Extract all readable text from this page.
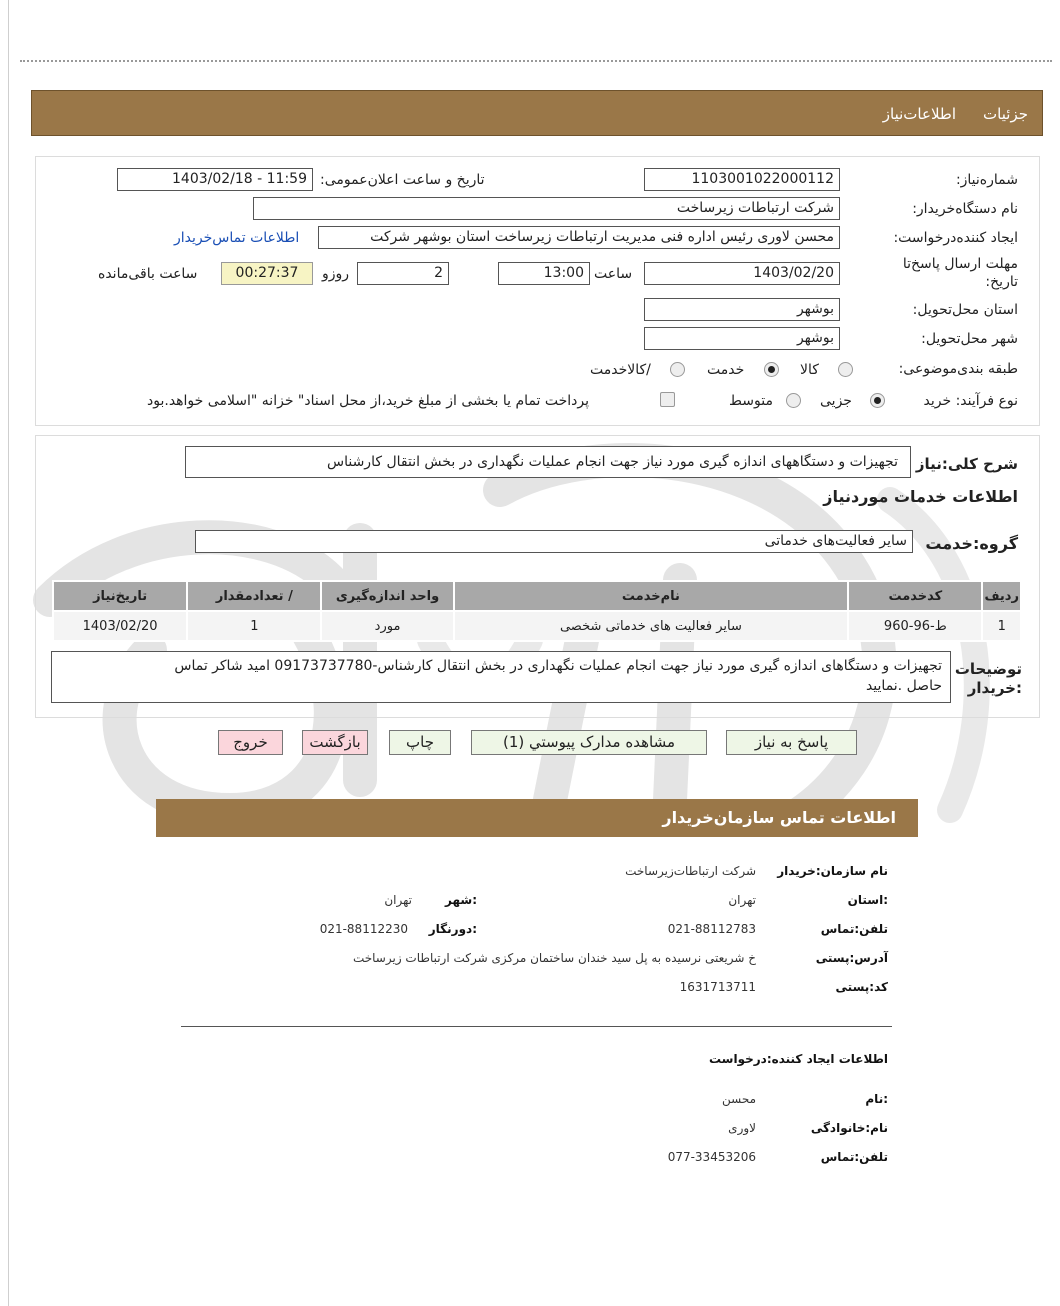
جزئیات
اطلاعات‌نیاز
شماره‌نیاز:
1103001022000112
تاریخ و ساعت اعلان‌عمومی:
1403/02/18 - 11:59
نام دستگاه‌خریدار:
شرکت ارتباطات زیرساخت
ایجاد کننده‌درخواست:
محسن لاوری رئیس اداره فنی مدیریت ارتباطات زیرساخت استان بوشهر شرکت
اطلاعات تماس‌خریدار
مهلت ارسال پاسخ‌تا
تاریخ:
1403/02/20
ساعت
13:00
2
روزو
00:27:37
ساعت باقی‌مانده
استان محل‌تحویل:
بوشهر
شهر محل‌تحویل:
بوشهر
طبقه بندی‌موضوعی:
کالا
خدمت
/کالاخدمت
نوع فرآیند: خرید
جزیی
متوسط
پرداخت تمام یا بخشی از مبلغ خرید،از محل اسناد" خزانه "اسلامی خواهد.بود
شرح کلی:نیاز
تجهیزات و دستگاههای اندازه گیری مورد نیاز جهت انجام عملیات نگهداری در بخش انتقال کارشناس
اطلاعات خدمات موردنیاز
گروه:خدمت
سایر فعالیت‌های خدماتی
ردیف	کدخدمت	نام‌خدمت	واحد اندازه‌گیری	/ تعدادمقدار	تاریخ‌نیاز
1	ط-96-960	سایر فعالیت های خدماتی شخصی	مورد	1	1403/02/20
توضیحات
:خریدار
تجهیزات و دستگاهای اندازه گیری مورد نیاز جهت انجام عملیات نگهداری در بخش انتقال کارشناس-09173737780 امید شاکر تماس
حاصل .نمایید
پاسخ به نیاز
مشاهده مدارک پیوستي (1)
چاپ
بازگشت
خروج
اطلاعات تماس سازمان‌خریدار
نام سازمان:خریدار
شرکت ارتباطات‌زیرساخت
:استان
تهران
:شهر
تهران
تلفن:تماس
021-88112783
:دورنگار
021-88112230
آدرس:پستی
خ شریعتی نرسیده به پل سید خندان ساختمان مرکزی شرکت ارتباطات زیرساخت
کد:پستی
1631713711
اطلاعات ایجاد کننده:درخواست
:نام
محسن
نام:خانوادگی
لاوری
تلفن:تماس
077-33453206
